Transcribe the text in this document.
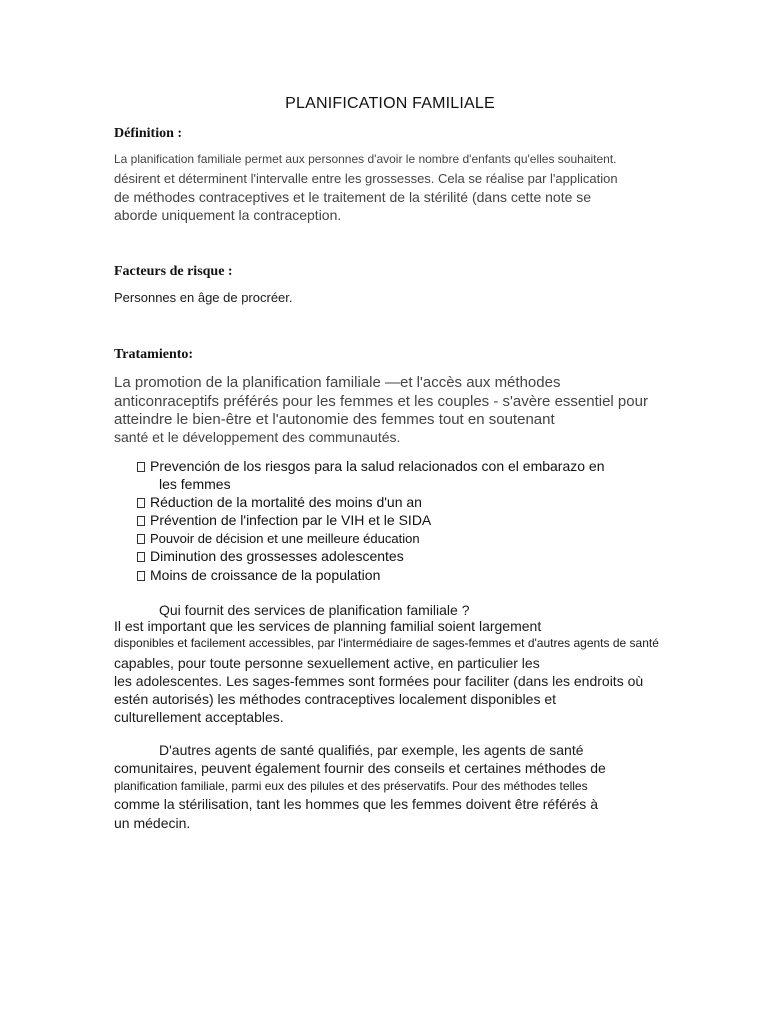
PLANIFICATION FAMILIALE
Définition :
La planification familiale permet aux personnes d'avoir le nombre d'enfants qu'elles souhaitent.
désirent et déterminent l'intervalle entre les grossesses. Cela se réalise par l'application
de méthodes contraceptives et le traitement de la stérilité (dans cette note se
aborde uniquement la contraception.
Facteurs de risque :
Personnes en âge de procréer.
Tratamiento:
La promotion de la planification familiale —et l'accès aux méthodes
anticonraceptifs préférés pour les femmes et les couples - s'avère essentiel pour
atteindre le bien-être et l'autonomie des femmes tout en soutenant
santé et le développement des communautés.
Prevención de los riesgos para la salud relacionados con el embarazo en
les femmes
Réduction de la mortalité des moins d'un an
Prévention de l'infection par le VIH et le SIDA
Pouvoir de décision et une meilleure éducation
Diminution des grossesses adolescentes
Moins de croissance de la population
Qui fournit des services de planification familiale ?
Il est important que les services de planning familial soient largement
disponibles et facilement accessibles, par l'intermédiaire de sages-femmes et d'autres agents de santé
capables, pour toute personne sexuellement active, en particulier les
les adolescentes. Les sages-femmes sont formées pour faciliter (dans les endroits où
estén autorisés) les méthodes contraceptives localement disponibles et
culturellement acceptables.
D'autres agents de santé qualifiés, par exemple, les agents de santé
comunitaires, peuvent également fournir des conseils et certaines méthodes de
planification familiale, parmi eux des pilules et des préservatifs. Pour des méthodes telles
comme la stérilisation, tant les hommes que les femmes doivent être référés à
un médecin.
